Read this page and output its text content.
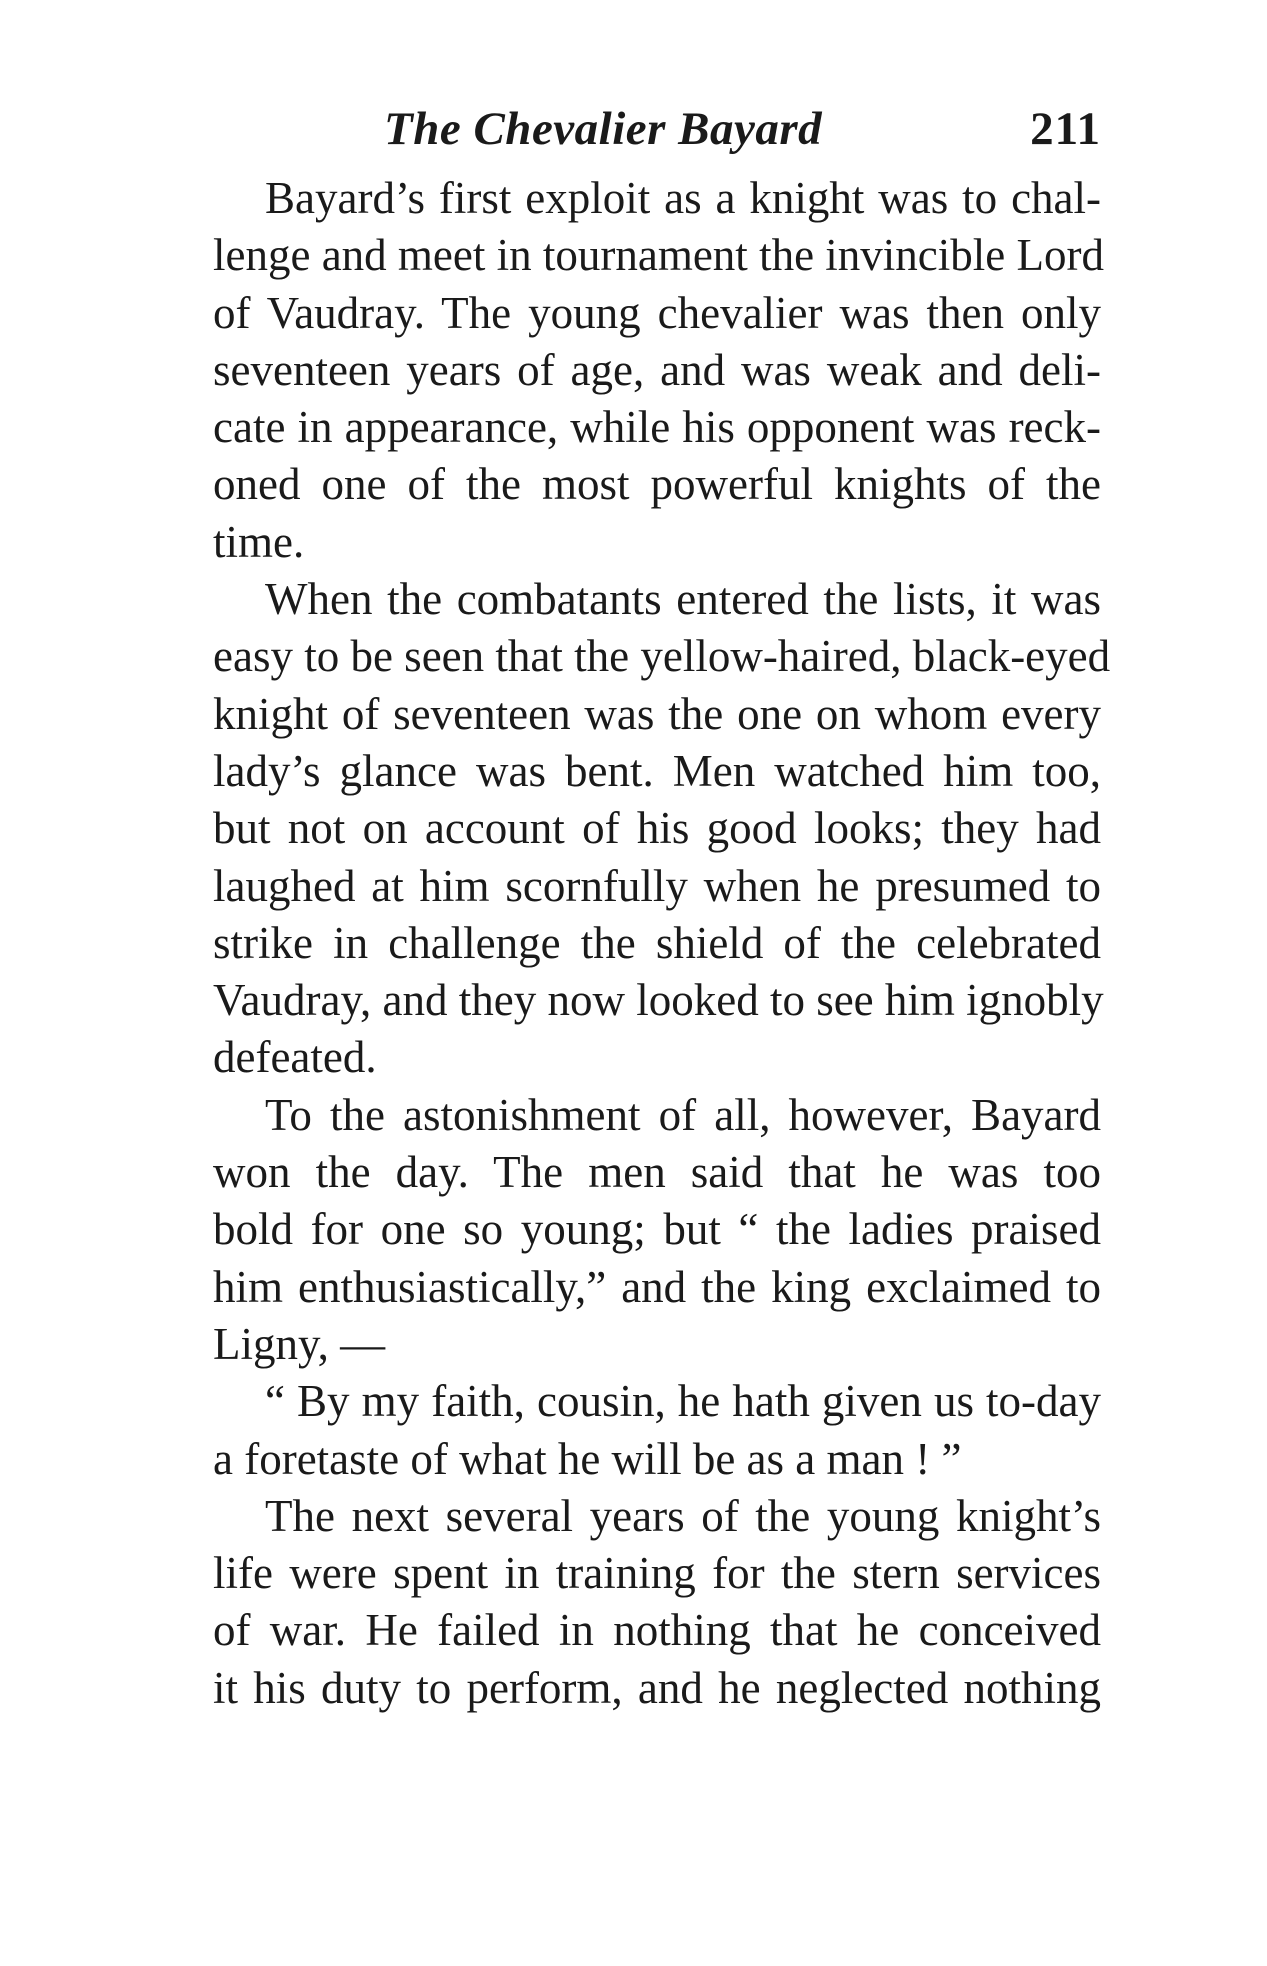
The Chevalier Bayard	211

Bayard’s first exploit as a knight was to chal-
lenge and meet in tournament the invincible Lord
of Vaudray. The young chevalier was then only
seventeen years of age, and was weak and deli-
cate in appearance, while his opponent was reck-
oned one of the most powerful knights of the
time.

When the combatants entered the lists, it was
easy to be seen that the yellow-haired, black-eyed
knight of seventeen was the one on whom every
lady’s glance was bent. Men watched him too,
but not on account of his good looks; they had
laughed at him scornfully when he presumed to
strike in challenge the shield of the celebrated
Vaudray, and they now looked to see him ignobly
defeated.

To the astonishment of all, however, Bayard
won the day. The men said that he was too
bold for one so young; but “ the ladies praised
him enthusiastically,” and the king exclaimed to
Ligny, —

“ By my faith, cousin, he hath given us to-day
a foretaste of what he will be as a man ! ”

The next several years of the young knight’s
life were spent in training for the stern services
of war. He failed in nothing that he conceived
it his duty to perform, and he neglected nothing
